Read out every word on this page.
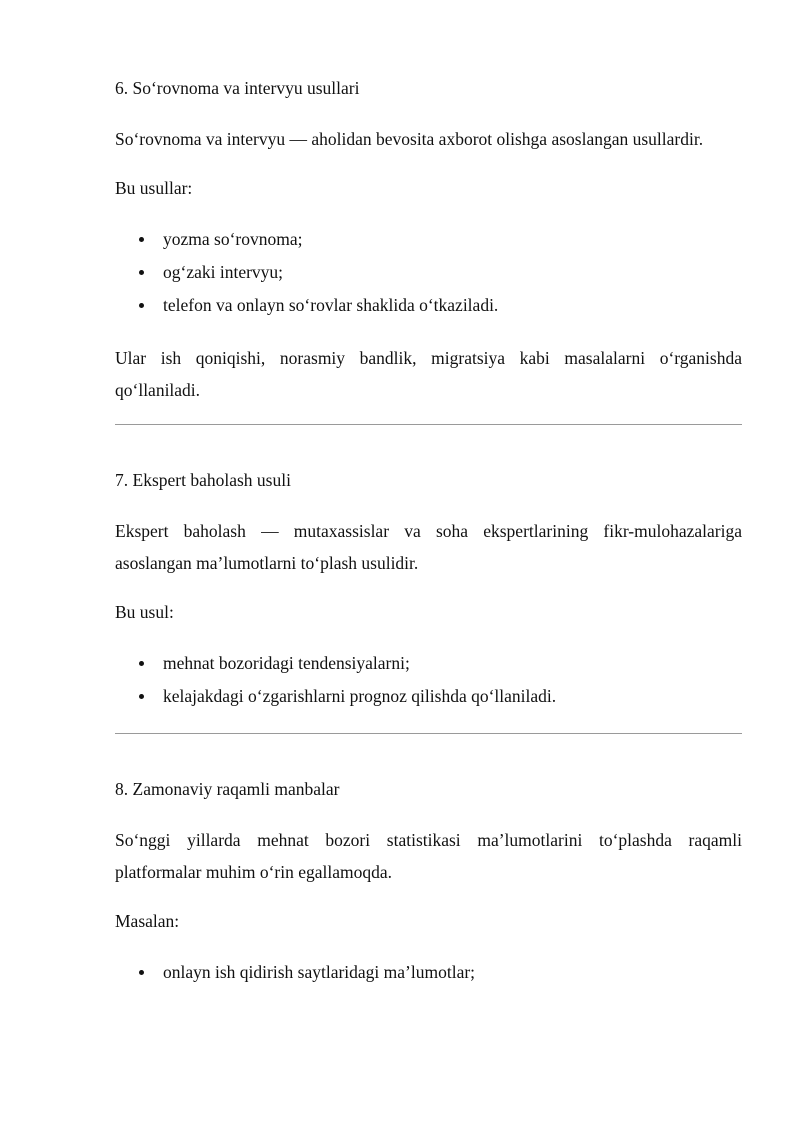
6. So‘rovnoma va intervyu usullari

So‘rovnoma va intervyu — aholidan bevosita axborot olishga asoslangan usullardir.

Bu usullar:
yozma so‘rovnoma;
og‘zaki intervyu;
telefon va onlayn so‘rovlar shaklida o‘tkaziladi.

Ular ish qoniqishi, norasmiy bandlik, migratsiya kabi masalalarni o‘rganishda qo‘llaniladi.

7. Ekspert baholash usuli

Ekspert baholash — mutaxassislar va soha ekspertlarining fikr-mulohazalariga asoslangan ma’lumotlarni to‘plash usulidir.

Bu usul:
mehnat bozoridagi tendensiyalarni;
kelajakdagi o‘zgarishlarni prognoz qilishda qo‘llaniladi.
8. Zamonaviy raqamli manbalar

So‘nggi yillarda mehnat bozori statistikasi ma’lumotlarini to‘plashda raqamli platformalar muhim o‘rin egallamoqda.

Masalan:
onlayn ish qidirish saytlaridagi ma’lumotlar;
